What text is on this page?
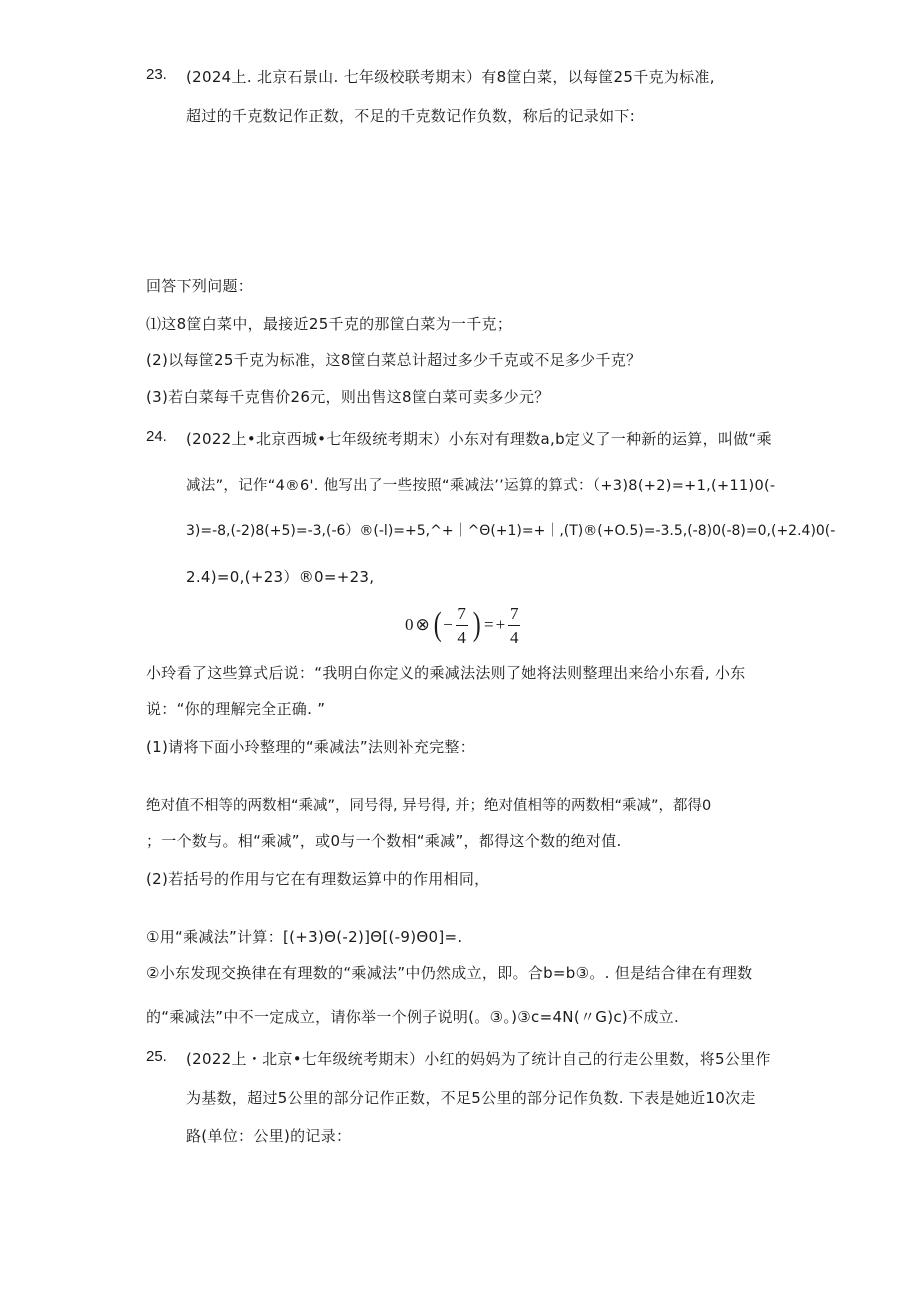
23. (2024上. 北京石景山. 七年级校联考期末）有8筐白菜，以每筐25千克为标准,
超过的千克数记作正数，不足的千克数记作负数，称后的记录如下:
回答下列问题：
⑴这8筐白菜中，最接近25千克的那筐白菜为一千克；
(2)以每筐25千克为标准，这8筐白菜总计超过多少千克或不足多少千克？
(3)若白菜每千克售价26元，则出售这8筐白菜可卖多少元？
24. (2022上•北京西城•七年级统考期末）小东对有理数a,b定义了一种新的运算，叫做“乘
减法”，记作“4®6'. 他写出了一些按照“乘减法’’运算的算式：（+3)8(+2)=+1,(+11)0(-
3)=-8,(-2)8(+5)=-3,(-6）®(-l)=+5,^+｜^Θ(+1)=+｜,(T)®(+O.5)=-3.5,(-8)0(-8)=0,(+2.4)0(-
2.4)=0,(+23）®0=+23,
0 ⊗ ( − $\frac{7}{4}$ ) = + $\frac{7}{4}$
小玲看了这些算式后说：“我明白你定义的乘减法法则了她将法则整理出来给小东看, 小东
说：“你的理解完全正确. ”
(1)请将下面小玲整理的“乘减法”法则补充完整：
绝对值不相等的两数相“乘减”，同号得, 异号得, 并；绝对值相等的两数相“乘减”，都得0
；一个数与。相“乘减”，或0与一个数相“乘减”，都得这个数的绝对值.
(2)若括号的作用与它在有理数运算中的作用相同，
①用“乘减法”计算：[(+3)Θ(-2)]Θ[(-9)Θ0]=.
②小东发现交换律在有理数的“乘减法”中仍然成立，即。合b=b③。. 但是结合律在有理数
的“乘减法”中不一定成立，请你举一个例子说明(。③。)③c=4N(〃G)c)不成立.
25. (2022上・北京•七年级统考期末）小红的妈妈为了统计自己的行走公里数，将5公里作
为基数，超过5公里的部分记作正数，不足5公里的部分记作负数. 下表是她近10次走
路(单位：公里)的记录：
